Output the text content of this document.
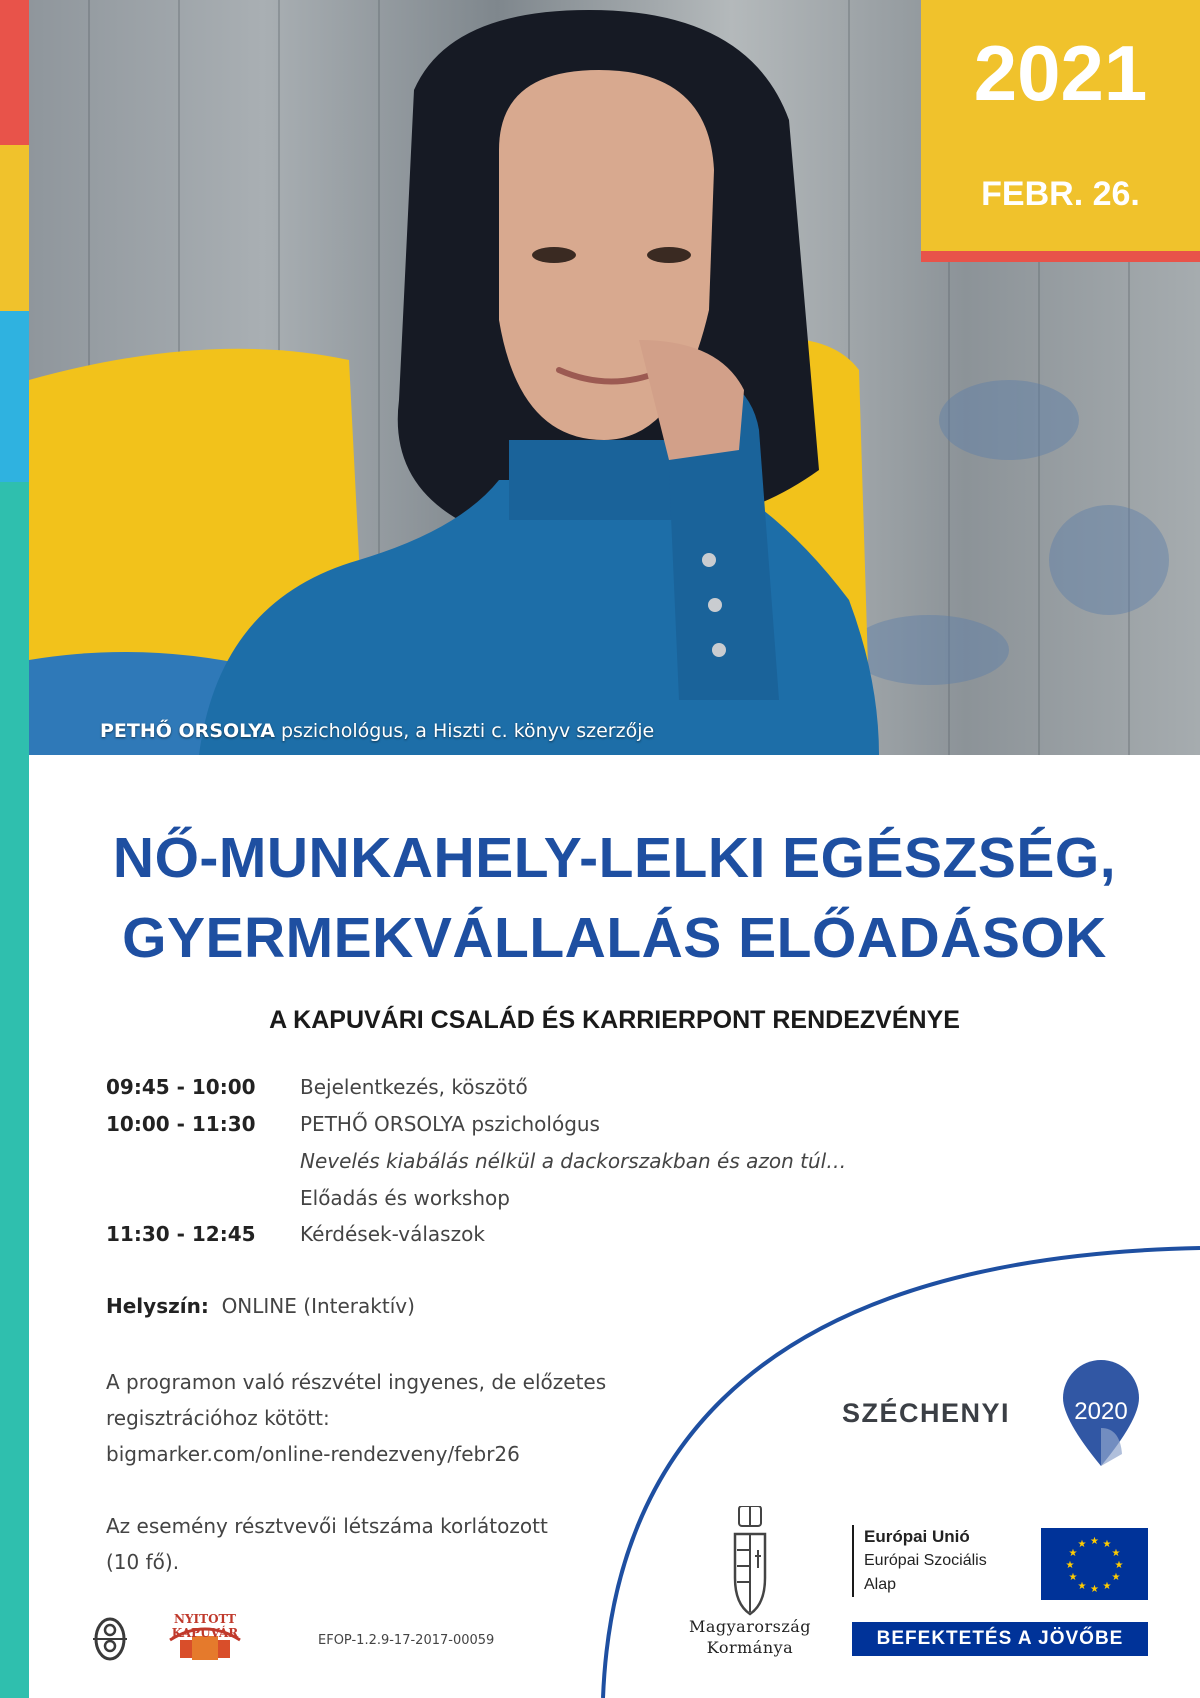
PETHŐ ORSOLYA pszichológus, a Hiszti c. könyv szerzője
2021
FEBR. 26.
NŐ-MUNKAHELY-LELKI EGÉSZSÉG,
GYERMEKVÁLLALÁS ELŐADÁSOK
A KAPUVÁRI CSALÁD ÉS KARRIERPONT RENDEZVÉNYE
09:45 - 10:00 Bejelentkezés, köszötő
10:00 - 11:30 PETHŐ ORSOLYA pszichológus
Nevelés kiabálás nélkül a dackorszakban és azon túl…
Előadás és workshop
11:30 - 12:45 Kérdések-válaszok
Helyszín: ONLINE (Interaktív)
A programon való részvétel ingyenes, de előzetes
regisztrációhoz kötött:
bigmarker.com/online-rendezveny/febr26
Az esemény résztvevői létszáma korlátozott
(10 fő).
NYITOTT KAPUVÁR	EFOP-1.2.9-17-2017-00059
SZÉCHENYI	2020
Magyarország
Kormánya
Európai Unió
Európai Szociális
Alap
★ ★
★
★
★
★
★
★
★
★
★
★
BEFEKTETÉS A JÖVŐBE
